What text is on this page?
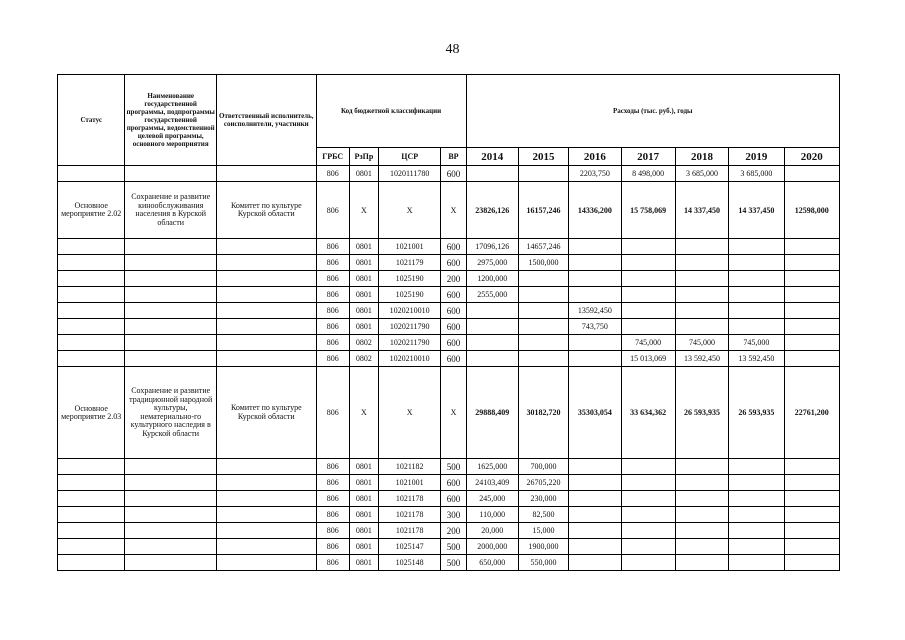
48
Статус	Наименование государственной программы, подпрограммы государственной программы, ведомственной целевой программы, основного мероприятия	Ответственный исполнитель, соисполнители, участники	Код бюджетной классификации				Расходы (тыс. руб.), годы						
			ГРБС	РзПр	ЦСР	ВР	2014	2015	2016	2017	2018	2019	2020
			806	0801	1020111780	600			2203,750	8 498,000	3 685,000	3 685,000	
Основное мероприятие 2.02	Сохранение и развитие кинообслуживания населения в Курской области	Комитет по культуре Курской области	806	Х	Х	Х	23826,126	16157,246	14336,200	15 758,069	14 337,450	14 337,450	12598,000
			806	0801	1021001	600	17096,126	14657,246					
			806	0801	1021179	600	2975,000	1500,000					
			806	0801	1025190	200	1200,000						
			806	0801	1025190	600	2555,000						
			806	0801	1020210010	600			13592,450				
			806	0801	1020211790	600			743,750				
			806	0802	1020211790	600				745,000	745,000	745,000	
			806	0802	1020210010	600				15 013,069	13 592,450	13 592,450	
Основное мероприятие 2.03	Сохранение и развитие традиционной народной культуры, нематериально-го культурного наследия в Курской области	Комитет по культуре Курской области	806	Х	Х	Х	29888,409	30182,720	35303,054	33 634,362	26 593,935	26 593,935	22761,200
			806	0801	1021182	500	1625,000	700,000					
			806	0801	1021001	600	24103,409	26705,220					
			806	0801	1021178	600	245,000	230,000					
			806	0801	1021178	300	110,000	82,500					
			806	0801	1021178	200	20,000	15,000					
			806	0801	1025147	500	2000,000	1900,000					
			806	0801	1025148	500	650,000	550,000					
